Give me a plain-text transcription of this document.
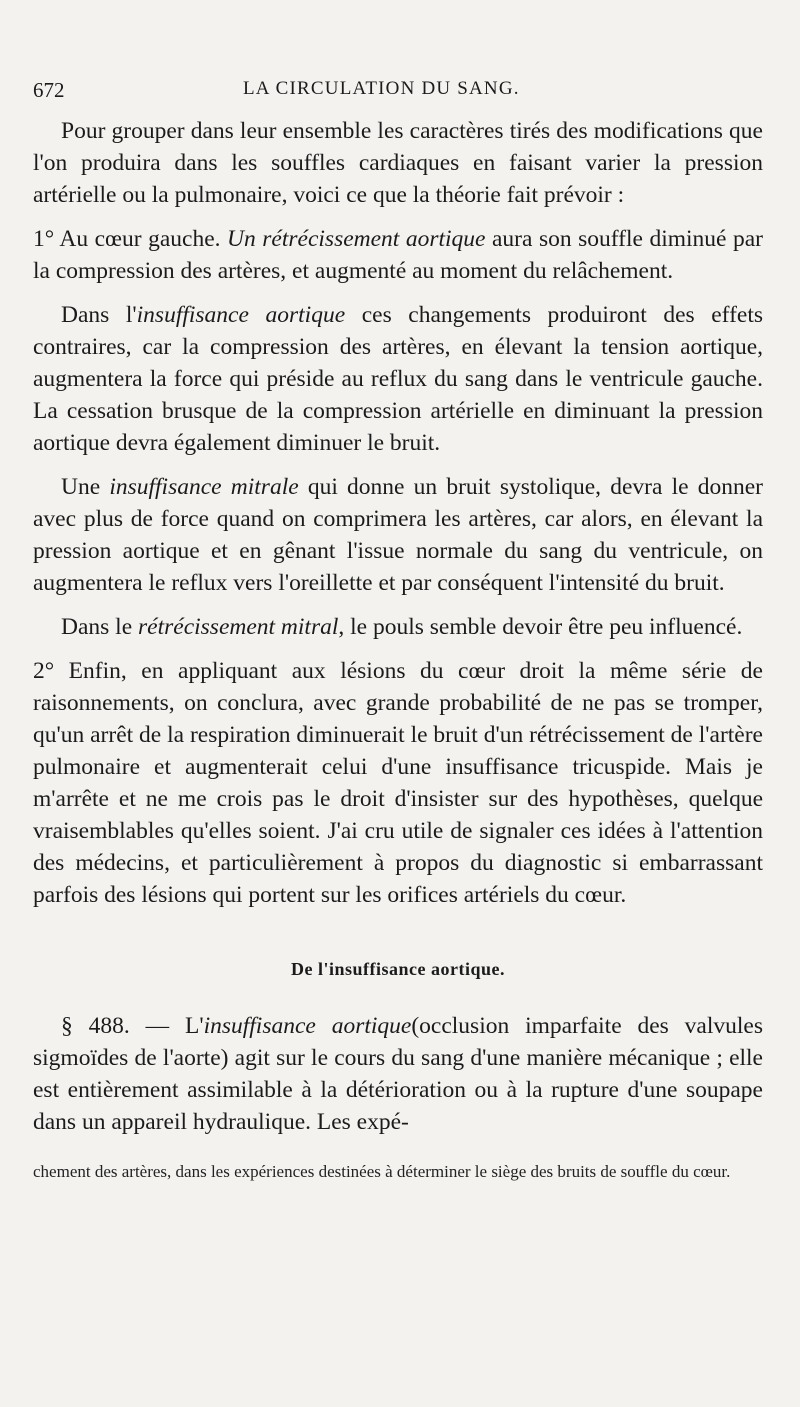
672	LA CIRCULATION DU SANG.

Pour grouper dans leur ensemble les caractères tirés des modifications que l'on produira dans les souffles cardiaques en faisant varier la pression artérielle ou la pulmonaire, voici ce que la théorie fait prévoir :

1° Au cœur gauche. Un rétrécissement aortique aura son souffle diminué par la compression des artères, et augmenté au moment du relâchement.

Dans l'insuffisance aortique ces changements produiront des effets contraires, car la compression des artères, en élevant la tension aortique, augmentera la force qui préside au reflux du sang dans le ventricule gauche. La cessation brusque de la compression artérielle en diminuant la pression aortique devra également diminuer le bruit.

Une insuffisance mitrale qui donne un bruit systolique, devra le donner avec plus de force quand on comprimera les artères, car alors, en élevant la pression aortique et en gênant l'issue normale du sang du ventricule, on augmentera le reflux vers l'oreillette et par conséquent l'intensité du bruit.

Dans le rétrécissement mitral, le pouls semble devoir être peu influencé.

2° Enfin, en appliquant aux lésions du cœur droit la même série de raisonnements, on conclura, avec grande probabilité de ne pas se tromper, qu'un arrêt de la respiration diminuerait le bruit d'un rétrécissement de l'artère pulmonaire et augmenterait celui d'une insuffisance tricuspide. Mais je m'arrête et ne me crois pas le droit d'insister sur des hypothèses, quelque vraisemblables qu'elles soient. J'ai cru utile de signaler ces idées à l'attention des médecins, et particulièrement à propos du diagnostic si embarrassant parfois des lésions qui portent sur les orifices artériels du cœur.

De l'insuffisance aortique.

§ 488. — L'insuffisance aortique(occlusion imparfaite des valvules sigmoïdes de l'aorte) agit sur le cours du sang d'une manière mécanique ; elle est entièrement assimilable à la détérioration ou à la rupture d'une soupape dans un appareil hydraulique. Les expé-

chement des artères, dans les expériences destinées à déterminer le siège des bruits de souffle du cœur.
